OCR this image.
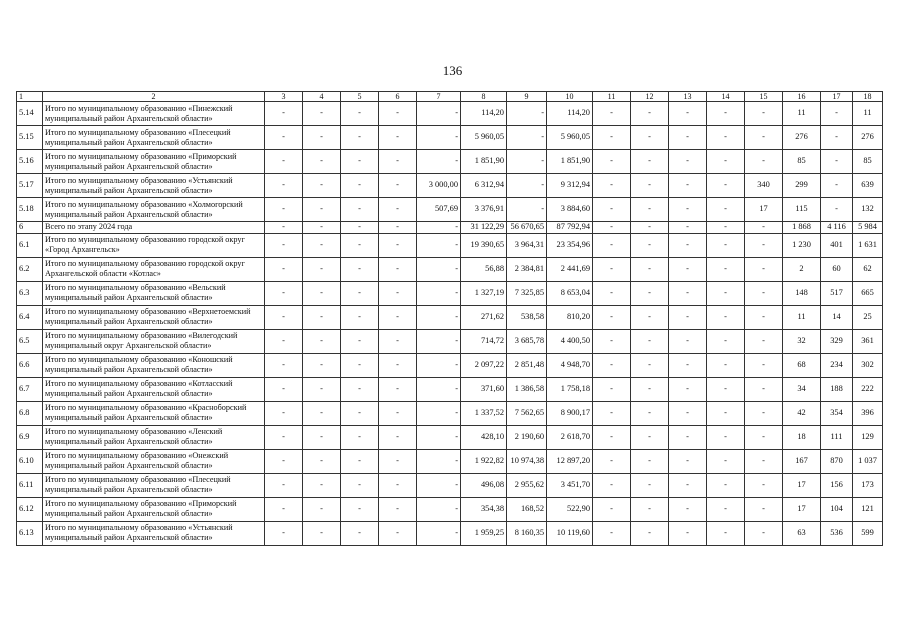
136
1	2	3	4	5	6	7	8	9	10	11	12	13	14	15	16	17	18
5.14	Итого по муниципальному образованию «Пинежский муниципальный район Архангельской области»	-	-	-	-	-	114,20	-	114,20	-	-	-	-	-	11	-	11
5.15	Итого по муниципальному образованию «Плесецкий муниципальный район Архангельской области»	-	-	-	-	-	5 960,05	-	5 960,05	-	-	-	-	-	276	-	276
5.16	Итого по муниципальному образованию «Приморский муниципальный район Архангельской области»	-	-	-	-	-	1 851,90	-	1 851,90	-	-	-	-	-	85	-	85
5.17	Итого по муниципальному образованию «Устьянский муниципальный район Архангельской области»	-	-	-	-	3 000,00	6 312,94	-	9 312,94	-	-	-	-	340	299	-	639
5.18	Итого по муниципальному образованию «Холмогорский муниципальный район Архангельской области»	-	-	-	-	507,69	3 376,91	-	3 884,60	-	-	-	-	17	115	-	132
6	Всего по этапу 2024 года	-	-	-	-	-	31 122,29	56 670,65	87 792,94	-	-	-	-	-	1 868	4 116	5 984
6.1	Итого по муниципальному образованию городской округ «Город Архангельск»	-	-	-	-	-	19 390,65	3 964,31	23 354,96	-	-	-	-	-	1 230	401	1 631
6.2	Итого по муниципальному образованию городской округ Архангельской области «Котлас»	-	-	-	-	-	56,88	2 384,81	2 441,69	-	-	-	-	-	2	60	62
6.3	Итого по муниципальному образованию «Вельский муниципальный район Архангельской области»	-	-	-	-	-	1 327,19	7 325,85	8 653,04	-	-	-	-	-	148	517	665
6.4	Итого по муниципальному образованию «Верхнетоемский муниципальный район Архангельской области»	-	-	-	-	-	271,62	538,58	810,20	-	-	-	-	-	11	14	25
6.5	Итого по муниципальному образованию «Вилегодский муниципальный округ Архангельской области»	-	-	-	-	-	714,72	3 685,78	4 400,50	-	-	-	-	-	32	329	361
6.6	Итого по муниципальному образованию «Коношский муниципальный район Архангельской области»	-	-	-	-	-	2 097,22	2 851,48	4 948,70	-	-	-	-	-	68	234	302
6.7	Итого по муниципальному образованию «Котласский муниципальный район Архангельской области»	-	-	-	-	-	371,60	1 386,58	1 758,18	-	-	-	-	-	34	188	222
6.8	Итого по муниципальному образованию «Красноборский муниципальный район Архангельской области»	-	-	-	-	-	1 337,52	7 562,65	8 900,17	-	-	-	-	-	42	354	396
6.9	Итого по муниципальному образованию «Ленский муниципальный район Архангельской области»	-	-	-	-	-	428,10	2 190,60	2 618,70	-	-	-	-	-	18	111	129
6.10	Итого по муниципальному образованию «Онежский муниципальный район Архангельской области»	-	-	-	-	-	1 922,82	10 974,38	12 897,20	-	-	-	-	-	167	870	1 037
6.11	Итого по муниципальному образованию «Плесецкий муниципальный район Архангельской области»	-	-	-	-	-	496,08	2 955,62	3 451,70	-	-	-	-	-	17	156	173
6.12	Итого по муниципальному образованию «Приморский муниципальный район Архангельской области»	-	-	-	-	-	354,38	168,52	522,90	-	-	-	-	-	17	104	121
6.13	Итого по муниципальному образованию «Устьянский муниципальный район Архангельской области»	-	-	-	-	-	1 959,25	8 160,35	10 119,60	-	-	-	-	-	63	536	599
